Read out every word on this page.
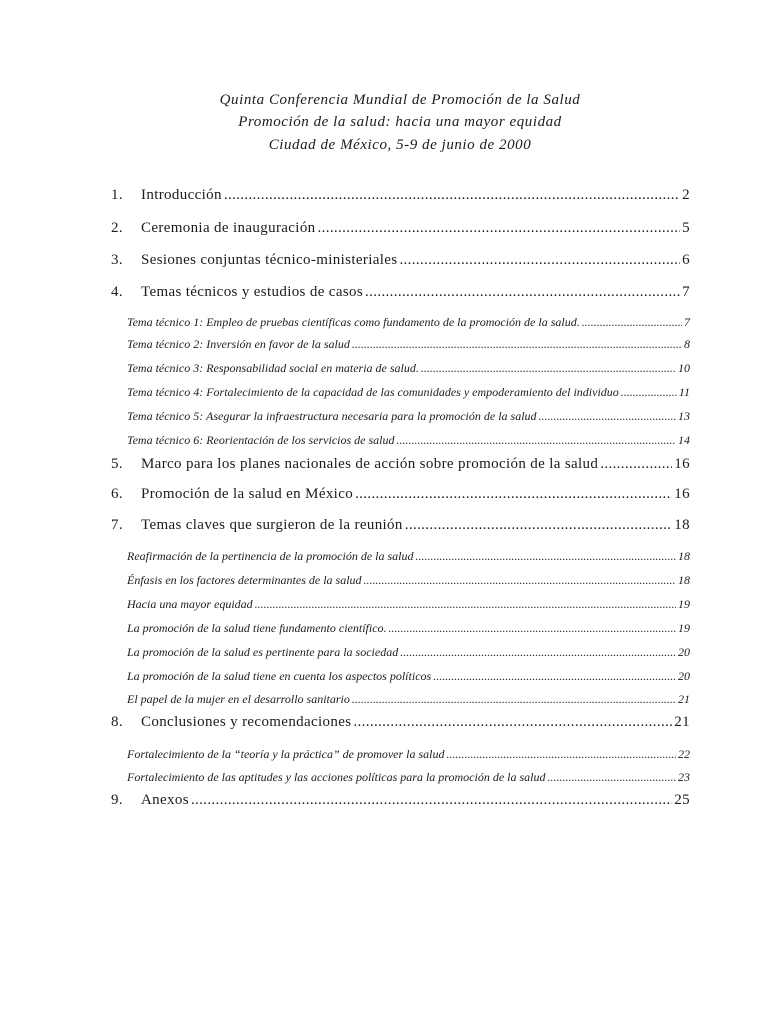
Quinta Conferencia Mundial de Promoción de la Salud
Promoción de la salud: hacia una mayor equidad
Ciudad de México, 5-9 de junio de 2000
1.	Introducción .....	2
2.	Ceremonia de inauguración .....	5
3.	Sesiones conjuntas técnico-ministeriales .....	6
4.	Temas técnicos y estudios de casos .....	7
Tema técnico 1: Empleo de pruebas científicas como fundamento de la promoción de la salud. .....	7
Tema técnico 2: Inversión en favor de la salud .....	8
Tema técnico 3: Responsabilidad social en materia de salud. .....	10
Tema técnico 4: Fortalecimiento de la capacidad de las comunidades y empoderamiento del individuo .....	11
Tema técnico 5: Asegurar la infraestructura necesaria para la promoción de la salud .....	13
Tema técnico 6: Reorientación de los servicios de salud .....	14
5.	Marco para los planes nacionales de acción sobre promoción de la salud .....	16
6.	Promoción de la salud en México .....	16
7.	Temas claves que surgieron de la reunión .....	18
Reafirmación de la pertinencia de la promoción de la salud .....	18
Énfasis en los factores determinantes de la salud .....	18
Hacia una mayor equidad .....	19
La promoción de la salud tiene fundamento científico. .....	19
La promoción de la salud es pertinente para la sociedad .....	20
La promoción de la salud tiene en cuenta los aspectos políticos .....	20
El papel de la mujer en el desarrollo sanitario .....	21
8.	Conclusiones y recomendaciones .....	21
Fortalecimiento de la “teoría y la práctica” de promover la salud .....	22
Fortalecimiento de las aptitudes y las acciones políticas para la promoción de la salud .....	23
9.	Anexos .....	25
